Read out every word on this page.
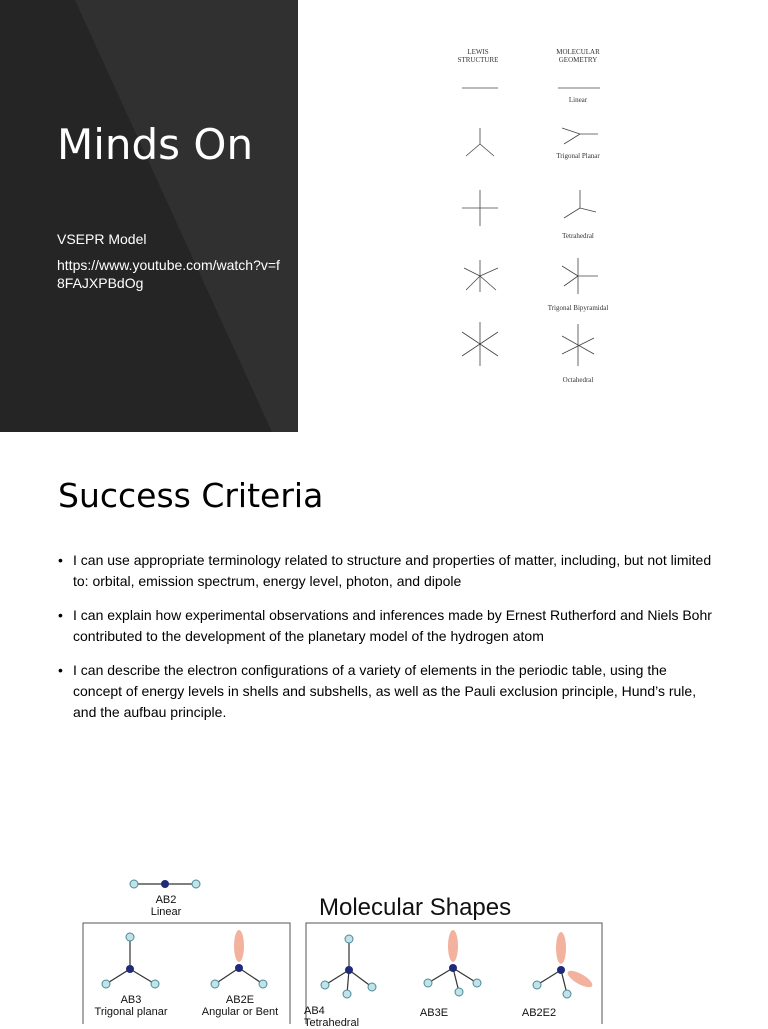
Minds On
VSEPR Model
https://www.youtube.com/watch?v=f8FAJXPBdOg
LEWIS
STRUCTURE
MOLECULAR
GEOMETRY
Linear
Trigonal Planar
Tetrahedral
Trigonal Bipyramidal
Octahedral
Success Criteria
• I can use appropriate terminology related to structure and properties of matter, including, but not limited to: orbital, emission spectrum, energy level, photon, and dipole
• I can explain how experimental observations and inferences made by Ernest Rutherford and Niels Bohr contributed to the development of the planetary model of the hydrogen atom
• I can describe the electron configurations of a variety of elements in the periodic table, using the concept of energy levels in shells and subshells, as well as the Pauli exclusion principle, Hund’s rule, and the aufbau principle.
Molecular Shapes
AB2
Linear
AB3
Trigonal planar
AB2E
Angular or Bent	AB4
Tetrahedral
AB3E	AB2E2
